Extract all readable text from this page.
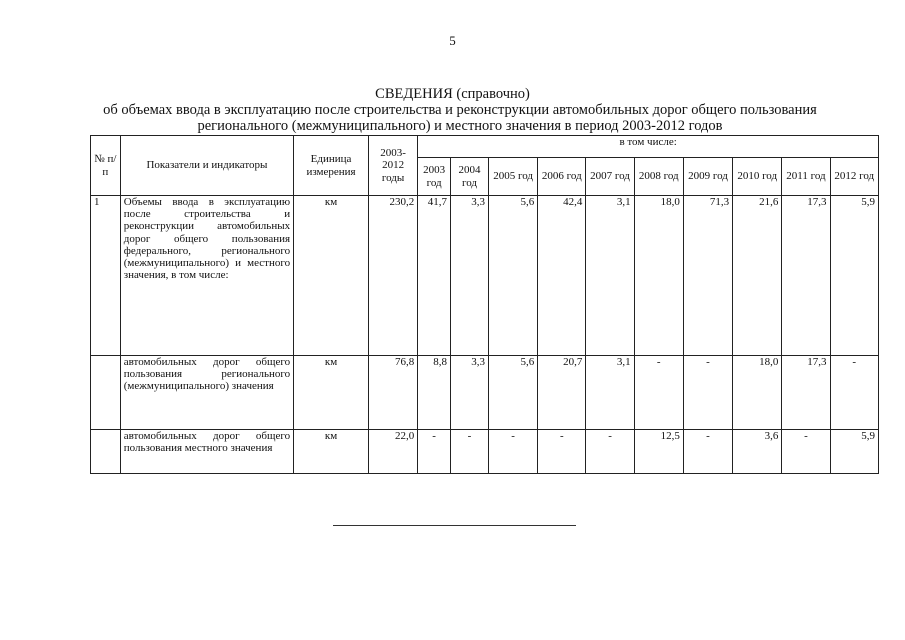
5
СВЕДЕНИЯ (справочно)
об объемах ввода в эксплуатацию после строительства и реконструкции автомобильных дорог общего пользования регионального (межмуниципального) и местного значения в период 2003-2012 годов
№ п/п	Показатели и индикаторы	Единица измерения	2003-2012 годы	в том числе:									
				2003 год	2004 год	2005 год	2006 год	2007 год	2008 год	2009 год	2010 год	2011 год	2012 год
1	Объемы ввода в эксплуатацию после строительства и реконструкции автомобильных дорог общего пользования федерального, регионального (межмуниципального) и местного значения, в том числе:	км	230,2	41,7	3,3	5,6	42,4	3,1	18,0	71,3	21,6	17,3	5,9
	автомобильных дорог общего пользования регионального (межмуниципального) значения	км	76,8	8,8	3,3	5,6	20,7	3,1	-	-	18,0	17,3	-
	автомобильных дорог общего пользования местного значения	км	22,0	-	-	-	-	-	12,5	-	3,6	-	5,9
